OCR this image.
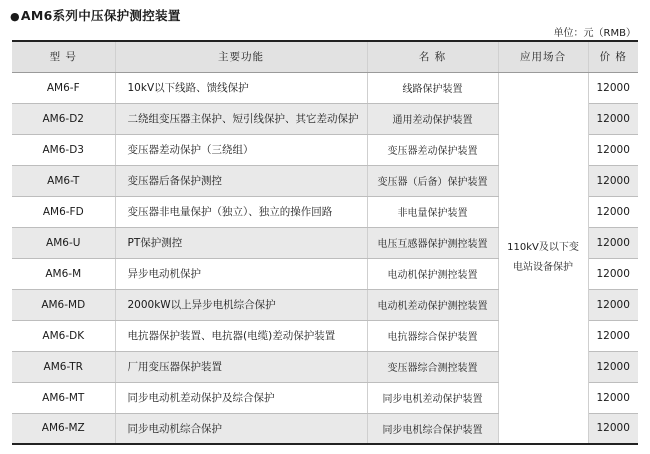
●AM6系列中压保护测控装置
单位：元（RMB）
型 号	主要功能	名 称	应用场合	价 格
AM6-F	10kV以下线路、馈线保护	线路保护装置	110kV及以下变电站设备保护	12000
AM6-D2	二绕组变压器主保护、短引线保护、其它差动保护	通用差动保护装置		12000
AM6-D3	变压器差动保护（三绕组）	变压器差动保护装置		12000
AM6-T	变压器后备保护测控	变压器（后备）保护装置		12000
AM6-FD	变压器非电量保护（独立）、独立的操作回路	非电量保护装置		12000
AM6-U	PT保护测控	电压互感器保护测控装置		12000
AM6-M	异步电动机保护	电动机保护测控装置		12000
AM6-MD	2000kW以上异步电机综合保护	电动机差动保护测控装置		12000
AM6-DK	电抗器保护装置、电抗器(电缆)差动保护装置	电抗器综合保护装置		12000
AM6-TR	厂用变压器保护装置	变压器综合测控装置		12000
AM6-MT	同步电动机差动保护及综合保护	同步电机差动保护装置		12000
AM6-MZ	同步电动机综合保护	同步电机综合保护装置		12000
